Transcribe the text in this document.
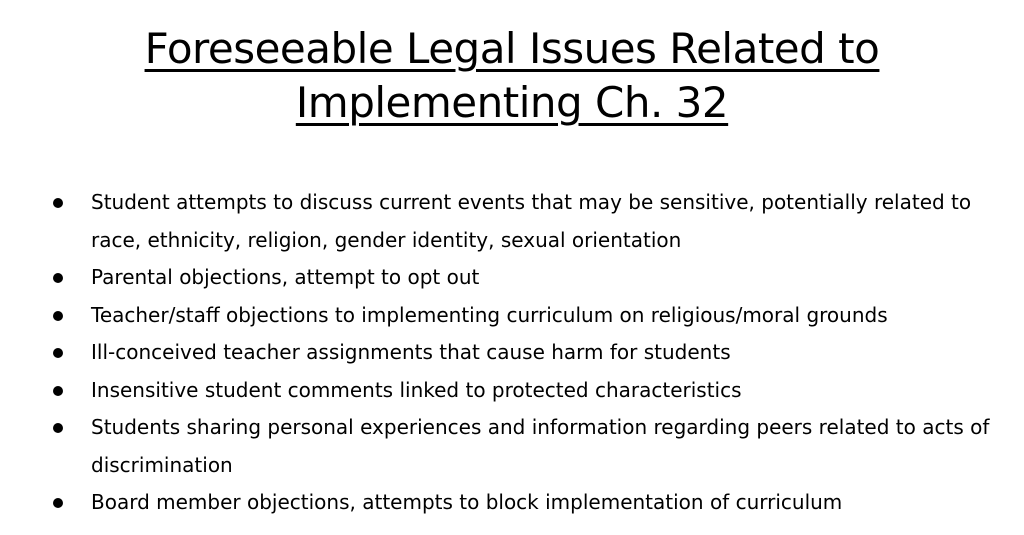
Foreseeable Legal Issues Related to
Implementing Ch. 32
Student attempts to discuss current events that may be sensitive, potentially related to race, ethnicity, religion, gender identity, sexual orientation
Parental objections, attempt to opt out
Teacher/staff objections to implementing curriculum on religious/moral grounds
Ill-conceived teacher assignments that cause harm for students
Insensitive student comments linked to protected characteristics
Students sharing personal experiences and information regarding peers related to acts of discrimination
Board member objections, attempts to block implementation of curriculum
